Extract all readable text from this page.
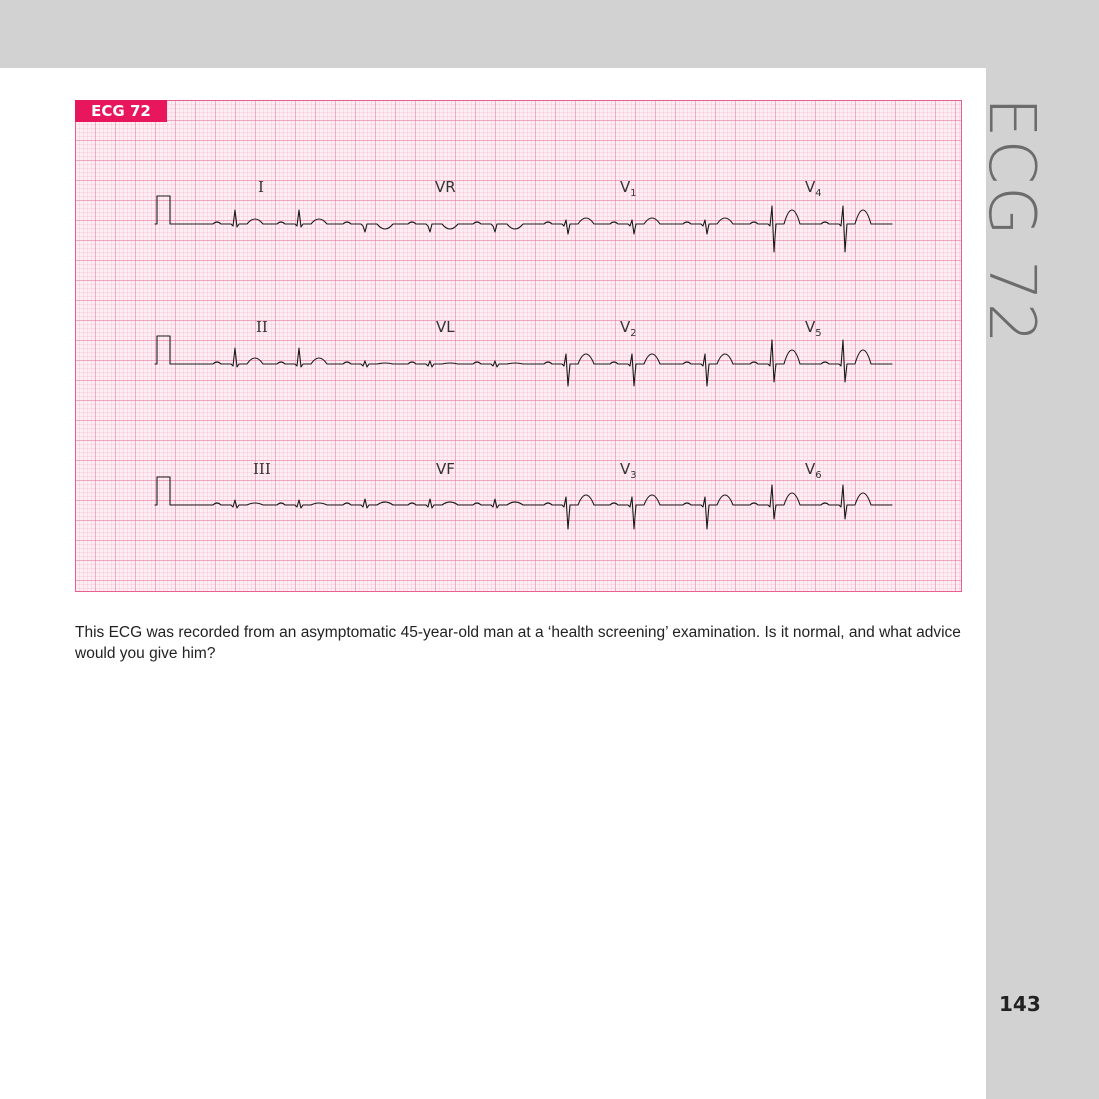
ECG 72
143
I	VR	$V_1$	$V_4$
II	VL	$V_2$	$V_5$
III	VF	$V_3$	$V_6$
ECG 72
This ECG was recorded from an asymptomatic 45-year-old man at a ‘health screening’ examination. Is it normal, and what advice would you give him?
